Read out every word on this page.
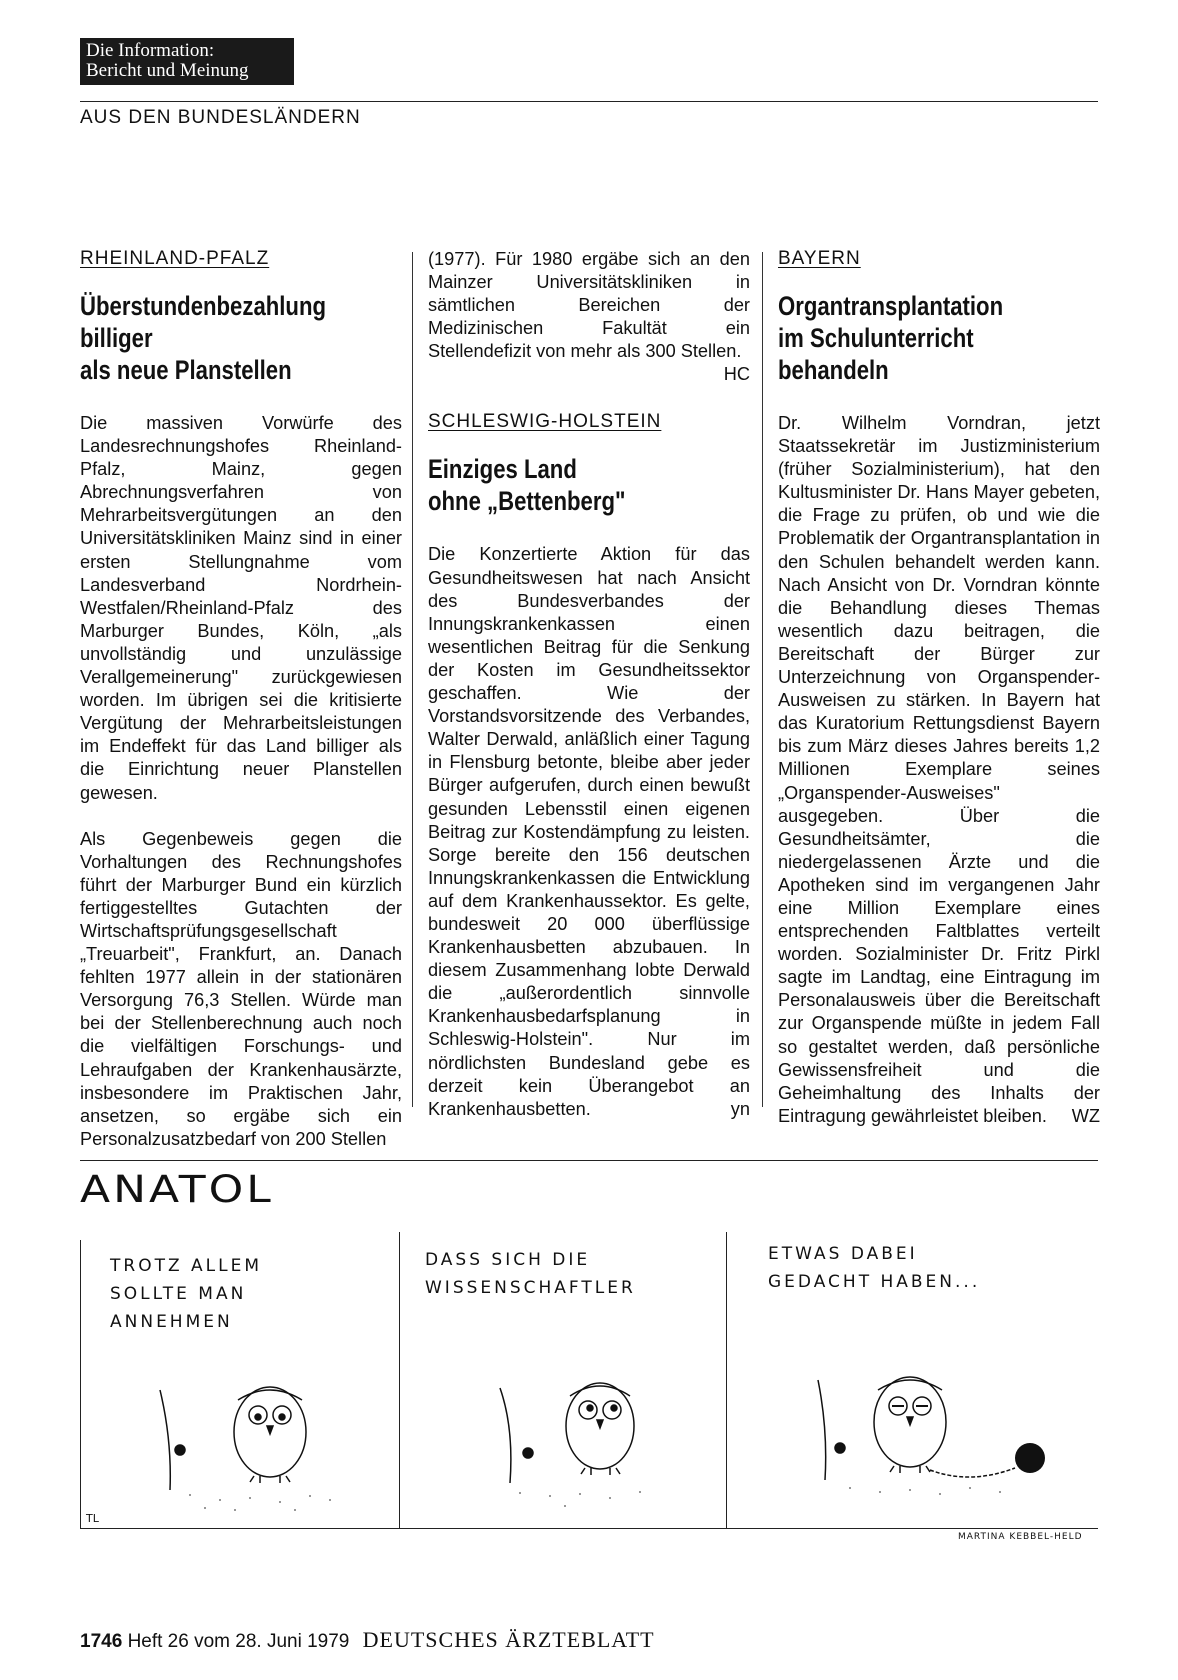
Die Information:
Bericht und Meinung
AUS DEN BUNDESLÄNDERN
RHEINLAND-PFALZ
Überstundenbezahlung
billiger
als neue Planstellen

Die massiven Vorwürfe des Landesrechnungshofes Rheinland-Pfalz, Mainz, gegen Abrechnungsverfahren von Mehrarbeitsvergütungen an den Universitätskliniken Mainz sind in einer ersten Stellungnahme vom Landesverband Nordrhein-Westfalen/Rheinland-Pfalz des Marburger Bundes, Köln, „als unvollständig und unzulässige Verallgemeinerung" zurückgewiesen worden. Im übrigen sei die kritisierte Vergütung der Mehrarbeitsleistungen im Endeffekt für das Land billiger als die Einrichtung neuer Planstellen gewesen.

Als Gegenbeweis gegen die Vorhaltungen des Rechnungshofes führt der Marburger Bund ein kürzlich fertiggestelltes Gutachten der Wirtschaftsprüfungsgesellschaft „Treuarbeit", Frankfurt, an. Danach fehlten 1977 allein in der stationären Versorgung 76,3 Stellen. Würde man bei der Stellenberechnung auch noch die vielfältigen Forschungs- und Lehraufgaben der Krankenhausärzte, insbesondere im Praktischen Jahr, ansetzen, so ergäbe sich ein Personalzusatzbedarf von 200 Stellen

(1977). Für 1980 ergäbe sich an den Mainzer Universitätskliniken in sämtlichen Bereichen der Medizinischen Fakultät ein Stellendefizit von mehr als 300 Stellen.
HC

SCHLESWIG-HOLSTEIN
Einziges Land
ohne „Bettenberg"

Die Konzertierte Aktion für das Gesundheitswesen hat nach Ansicht des Bundesverbandes der Innungskrankenkassen einen wesentlichen Beitrag für die Senkung der Kosten im Gesundheitssektor geschaffen. Wie der Vorstandsvorsitzende des Verbandes, Walter Derwald, anläßlich einer Tagung in Flensburg betonte, bleibe aber jeder Bürger aufgerufen, durch einen bewußt gesunden Lebensstil einen eigenen Beitrag zur Kostendämpfung zu leisten. Sorge bereite den 156 deutschen Innungskrankenkassen die Entwicklung auf dem Krankenhaussektor. Es gelte, bundesweit 20 000 überflüssige Krankenhausbetten abzubauen. In diesem Zusammenhang lobte Derwald die „außerordentlich sinnvolle Krankenhausbedarfsplanung in Schleswig-Holstein". Nur im nördlichsten Bundesland gebe es derzeit kein Überangebot an Krankenhausbetten.	yn

BAYERN
Organtransplantation
im Schulunterricht
behandeln

Dr. Wilhelm Vorndran, jetzt Staatssekretär im Justizministerium (früher Sozialministerium), hat den Kultusminister Dr. Hans Mayer gebeten, die Frage zu prüfen, ob und wie die Problematik der Organtransplantation in den Schulen behandelt werden kann. Nach Ansicht von Dr. Vorndran könnte die Behandlung dieses Themas wesentlich dazu beitragen, die Bereitschaft der Bürger zur Unterzeichnung von Organspender-Ausweisen zu stärken. In Bayern hat das Kuratorium Rettungsdienst Bayern bis zum März dieses Jahres bereits 1,2 Millionen Exemplare seines „Organspender-Ausweises" ausgegeben. Über die Gesundheitsämter, die niedergelassenen Ärzte und die Apotheken sind im vergangenen Jahr eine Million Exemplare eines entsprechenden Faltblattes verteilt worden. Sozialminister Dr. Fritz Pirkl sagte im Landtag, eine Eintragung im Personalausweis über die Bereitschaft zur Organspende müßte in jedem Fall so gestaltet werden, daß persönliche Gewissensfreiheit und die Geheimhaltung des Inhalts der Eintragung gewährleistet bleiben. WZ

ANATOL
TROTZ ALLEM
SOLLTE MAN
ANNEHMEN
DASS SICH DIE
WISSENSCHAFTLER
ETWAS DABEI
GEDACHT HABEN...
TL
MARTINA KEBBEL-HELD
1746 Heft 26 vom 28. Juni 1979 DEUTSCHES ÄRZTEBLATT
